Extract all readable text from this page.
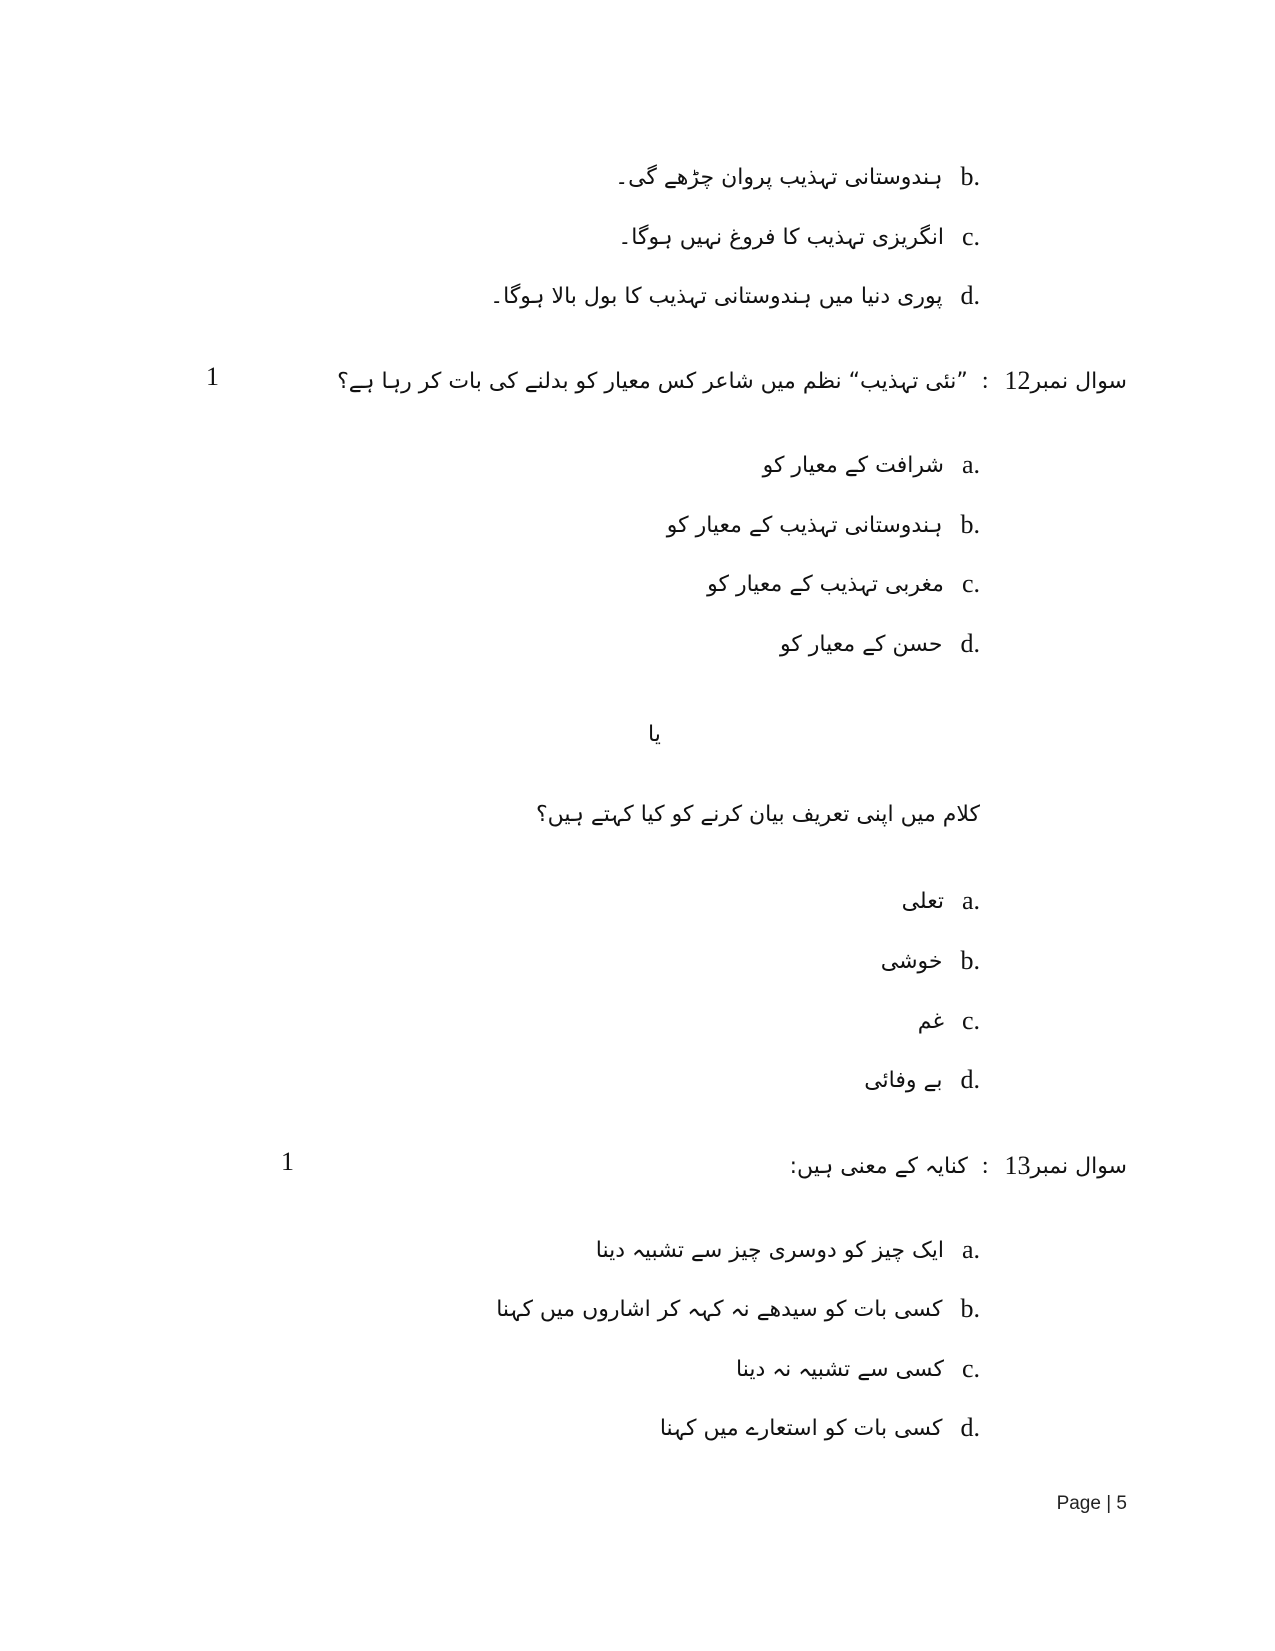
b.
ہندوستانی تہذیب پروان چڑھے گی۔
c.
انگریزی تہذیب کا فروغ نہیں ہوگا۔
d.
پوری دنیا میں ہندوستانی تہذیب کا بول بالا ہوگا۔
1	سوال نمبر
12
:
”نئی تہذیب“ نظم میں شاعر کس معیار کو بدلنے کی بات کر رہا ہے؟
a.
شرافت کے معیار کو
b.
ہندوستانی تہذیب کے معیار کو
c.
مغربی تہذیب کے معیار کو
d.
حسن کے معیار کو
یا
کلام میں اپنی تعریف بیان کرنے کو کیا کہتے ہیں؟
a.
تعلی
b.
خوشی
c.
غم
d.
بے وفائی
1	سوال نمبر
13
:
کنایہ کے معنی ہیں:
a.
ایک چیز کو دوسری چیز سے تشبیہ دینا
b.
کسی بات کو سیدھے نہ کہہ کر اشاروں میں کہنا
c.
کسی سے تشبیہ نہ دینا
d.
کسی بات کو استعارے میں کہنا
Page | 5
